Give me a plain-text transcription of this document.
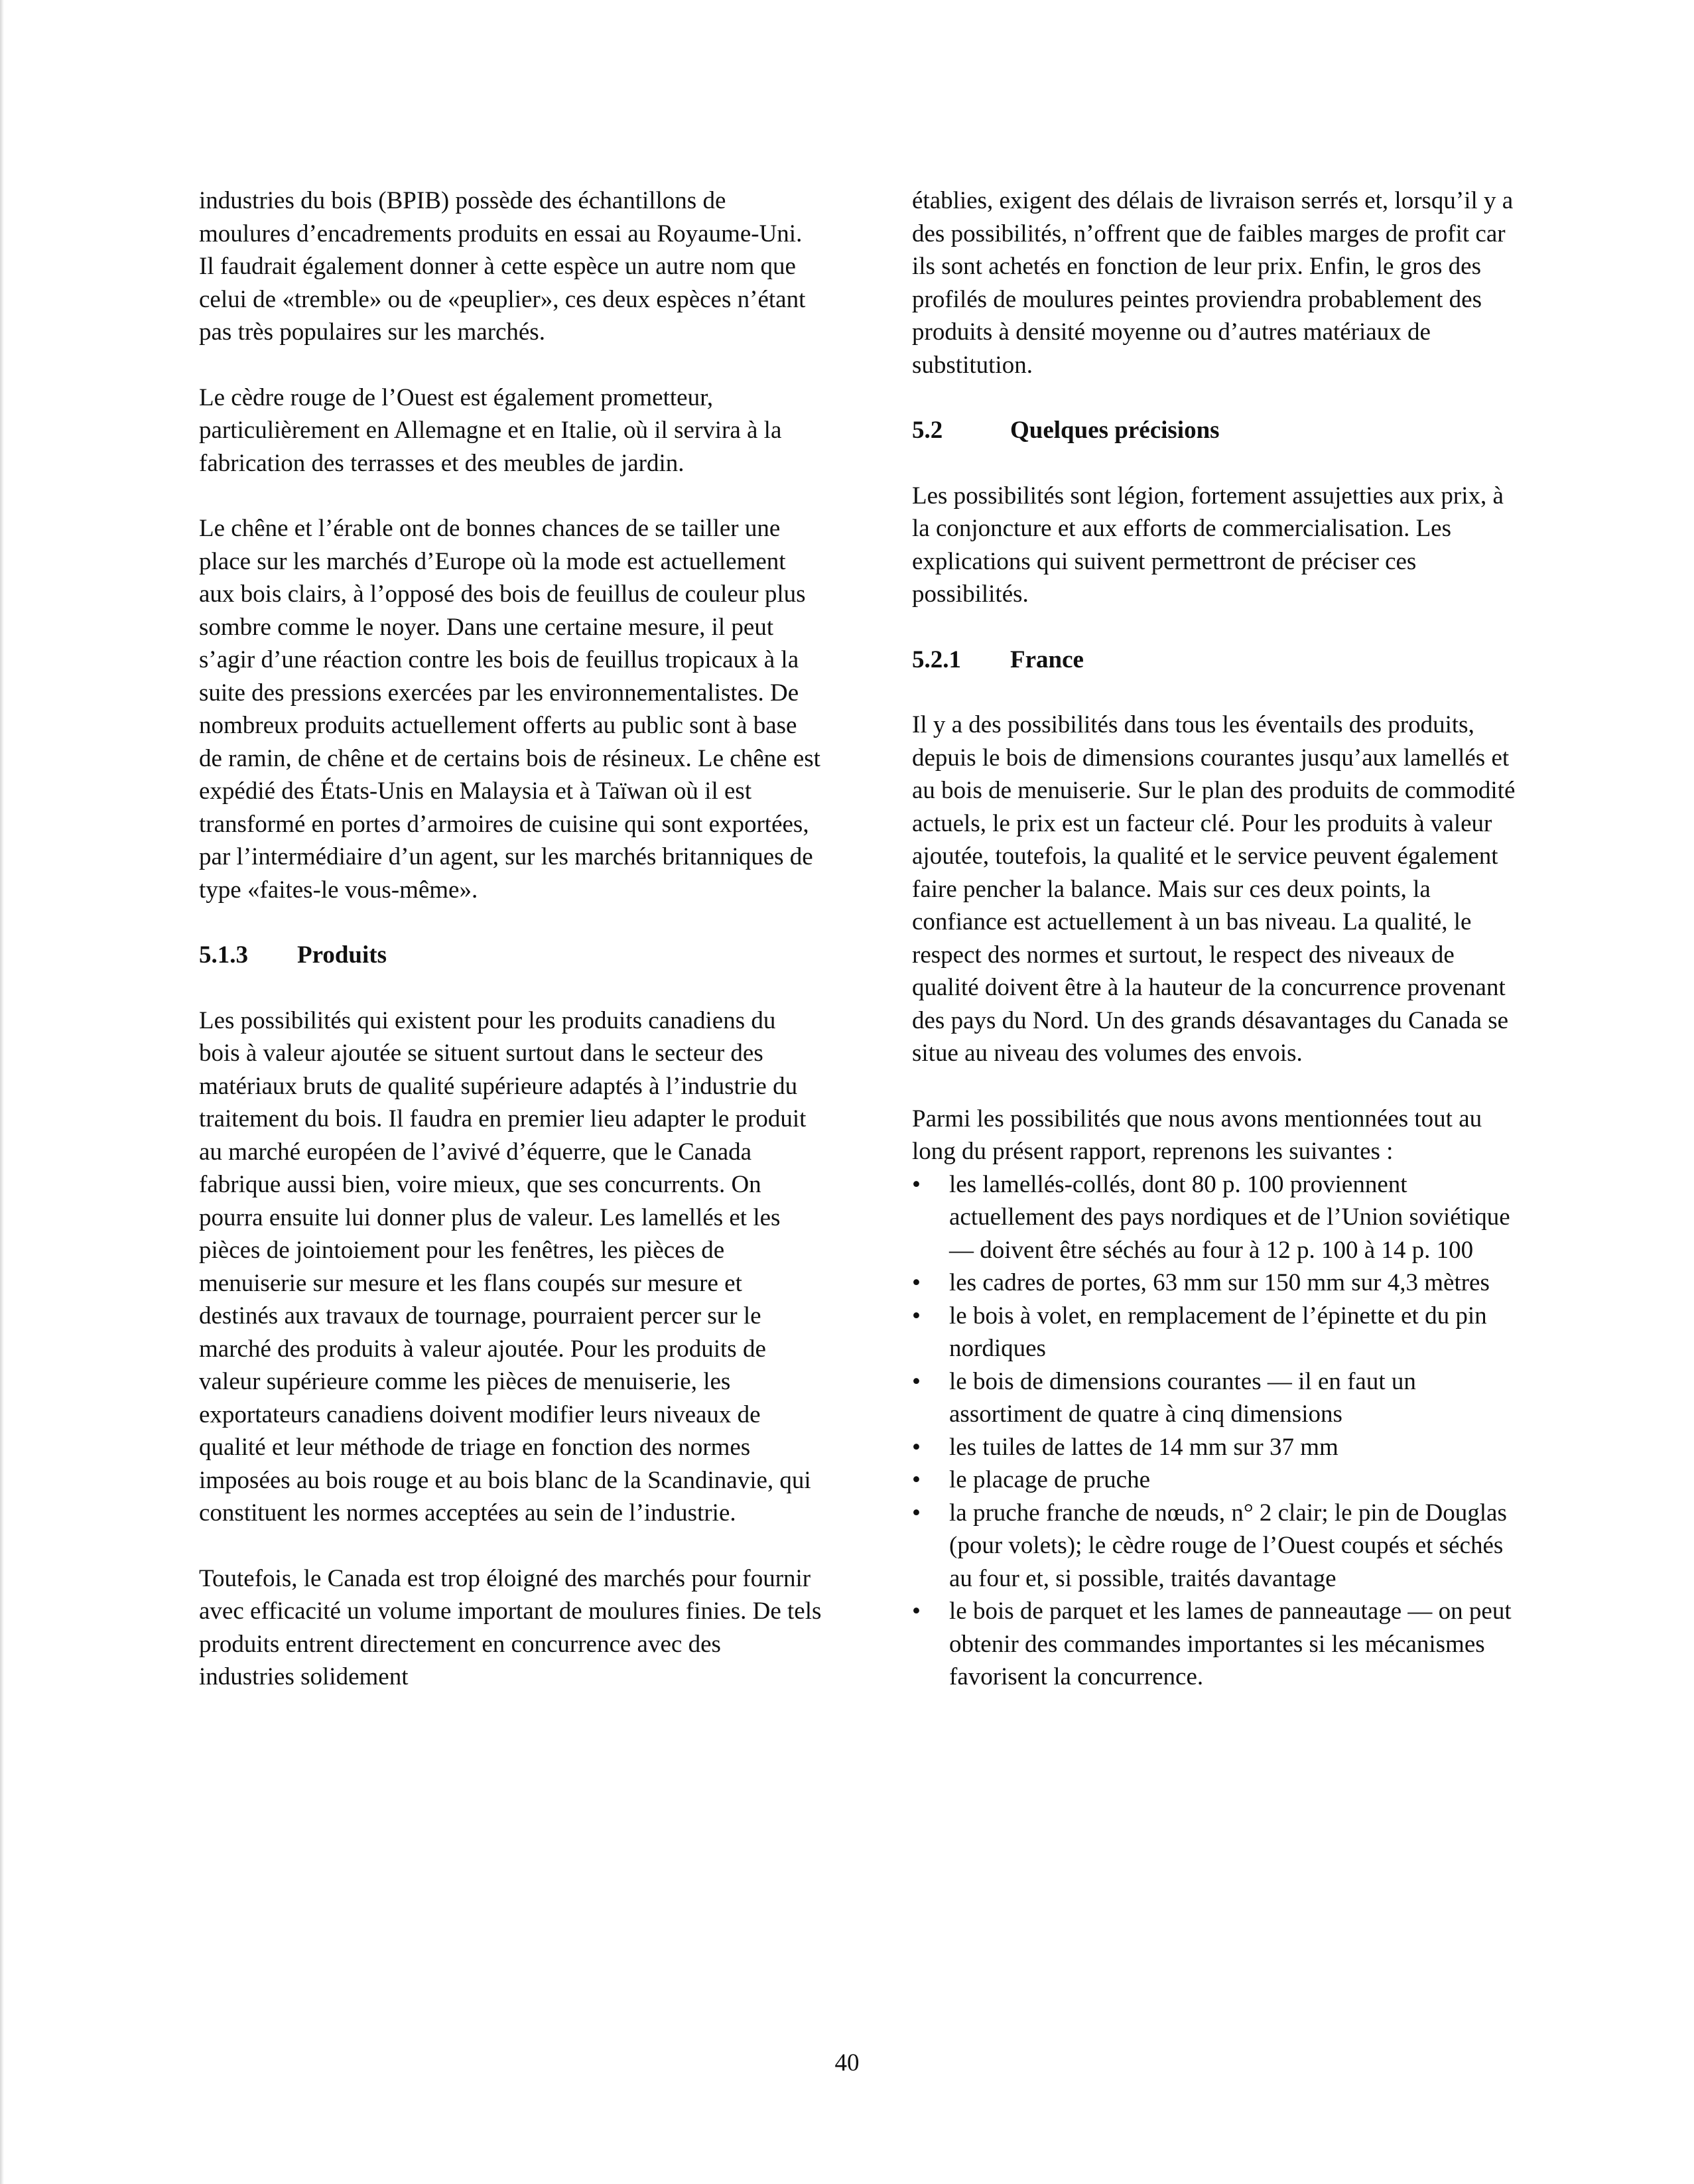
industries du bois (BPIB) possède des échantillons de moulures d’encadrements produits en essai au Royaume-Uni. Il faudrait également donner à cette espèce un autre nom que celui de «tremble» ou de «peuplier», ces deux espèces n’étant pas très populaires sur les marchés.

Le cèdre rouge de l’Ouest est également prometteur, particulièrement en Allemagne et en Italie, où il servira à la fabrication des terrasses et des meubles de jardin.

Le chêne et l’érable ont de bonnes chances de se tailler une place sur les marchés d’Europe où la mode est actuellement aux bois clairs, à l’opposé des bois de feuillus de couleur plus sombre comme le noyer. Dans une certaine mesure, il peut s’agir d’une réaction contre les bois de feuillus tropicaux à la suite des pressions exercées par les environnementalistes. De nombreux produits actuellement offerts au public sont à base de ramin, de chêne et de certains bois de résineux. Le chêne est expédié des États-Unis en Malaysia et à Taïwan où il est transformé en portes d’armoires de cuisine qui sont exportées, par l’intermédiaire d’un agent, sur les marchés britanniques de type «faites-le vous-même».

5.1.3	Produits

Les possibilités qui existent pour les produits canadiens du bois à valeur ajoutée se situent surtout dans le secteur des matériaux bruts de qualité supérieure adaptés à l’industrie du traitement du bois. Il faudra en premier lieu adapter le produit au marché européen de l’avivé d’équerre, que le Canada fabrique aussi bien, voire mieux, que ses concurrents. On pourra ensuite lui donner plus de valeur. Les lamellés et les pièces de jointoiement pour les fenêtres, les pièces de menuiserie sur mesure et les flans coupés sur mesure et destinés aux travaux de tournage, pourraient percer sur le marché des produits à valeur ajoutée. Pour les produits de valeur supérieure comme les pièces de menuiserie, les exportateurs canadiens doivent modifier leurs niveaux de qualité et leur méthode de triage en fonction des normes imposées au bois rouge et au bois blanc de la Scandinavie, qui constituent les normes acceptées au sein de l’industrie.

Toutefois, le Canada est trop éloigné des marchés pour fournir avec efficacité un volume important de moulures finies. De tels produits entrent directement en concurrence avec des industries solidement

établies, exigent des délais de livraison serrés et, lorsqu’il y a des possibilités, n’offrent que de faibles marges de profit car ils sont achetés en fonction de leur prix. Enfin, le gros des profilés de moulures peintes proviendra probablement des produits à densité moyenne ou d’autres matériaux de substitution.

5.2	Quelques précisions

Les possibilités sont légion, fortement assujetties aux prix, à la conjoncture et aux efforts de commercialisation. Les explications qui suivent permettront de préciser ces possibilités.

5.2.1	France

Il y a des possibilités dans tous les éventails des produits, depuis le bois de dimensions courantes jusqu’aux lamellés et au bois de menuiserie. Sur le plan des produits de commodité actuels, le prix est un facteur clé. Pour les produits à valeur ajoutée, toutefois, la qualité et le service peuvent également faire pencher la balance. Mais sur ces deux points, la confiance est actuellement à un bas niveau. La qualité, le respect des normes et surtout, le respect des niveaux de qualité doivent être à la hauteur de la concurrence provenant des pays du Nord. Un des grands désavantages du Canada se situe au niveau des volumes des envois.

Parmi les possibilités que nous avons mentionnées tout au long du présent rapport, reprenons les suivantes :

•	les lamellés-collés, dont 80 p. 100 proviennent actuellement des pays nordiques et de l’Union soviétique — doivent être séchés au four à 12 p. 100 à 14 p. 100
•	les cadres de portes, 63 mm sur 150 mm sur 4,3 mètres
•	le bois à volet, en remplacement de l’épinette et du pin nordiques
•	le bois de dimensions courantes — il en faut un assortiment de quatre à cinq dimensions
•	les tuiles de lattes de 14 mm sur 37 mm
•	le placage de pruche
•	la pruche franche de nœuds, n° 2 clair; le pin de Douglas (pour volets); le cèdre rouge de l’Ouest coupés et séchés au four et, si possible, traités davantage
•	le bois de parquet et les lames de panneautage — on peut obtenir des commandes importantes si les mécanismes favorisent la concurrence.
40
